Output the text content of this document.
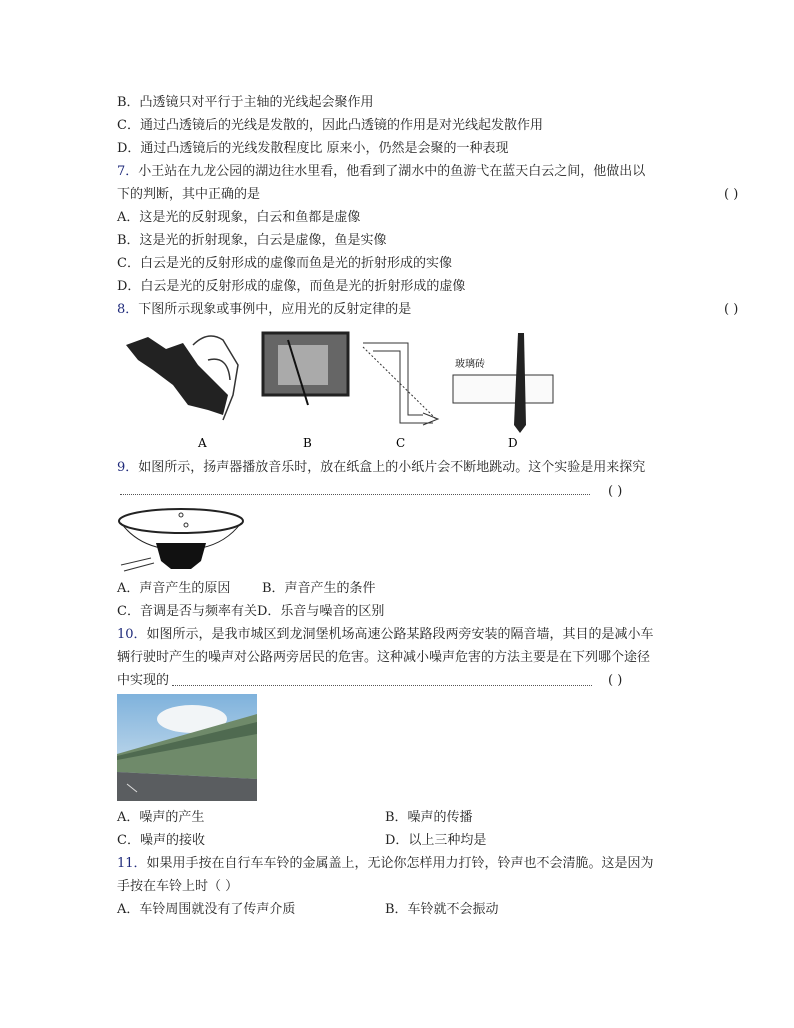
B．凸透镜只对平行于主轴的光线起会聚作用
C．通过凸透镜后的光线是发散的，因此凸透镜的作用是对光线起发散作用
D．通过凸透镜后的光线发散程度比 原来小，仍然是会聚的一种表现
7．小王站在九龙公园的湖边往水里看，他看到了湖水中的鱼游弋在蓝天白云之间，他做出以
下的判断，其中正确的是	( )
A．这是光的反射现象，白云和鱼都是虚像
B．这是光的折射现象，白云是虚像，鱼是实像
C．白云是光的反射形成的虚像而鱼是光的折射形成的实像
D．白云是光的反射形成的虚像，而鱼是光的折射形成的虚像
8．下图所示现象或事例中，应用光的反射定律的是	( )
A	B	C
玻璃砖
D
9．如图所示，扬声器播放音乐时，放在纸盒上的小纸片会不断地跳动。这个实验是用来探究
( )
A．声音产生的原因 B．声音产生的条件
C．音调是否与频率有关D．乐音与噪音的区别
10．如图所示，是我市城区到龙洞堡机场高速公路某路段两旁安装的隔音墙，其目的是减小车
辆行驶时产生的噪声对公路两旁居民的危害。这种减小噪声危害的方法主要是在下列哪个途径
中实现的	( )
A．噪声的产生	B．噪声的传播
C．噪声的接收	D．以上三种均是
11．如果用手按在自行车车铃的金属盖上，无论你怎样用力打铃，铃声也不会清脆。这是因为
手按在车铃上时（ ）
A．车铃周围就没有了传声介质	B．车铃就不会振动
